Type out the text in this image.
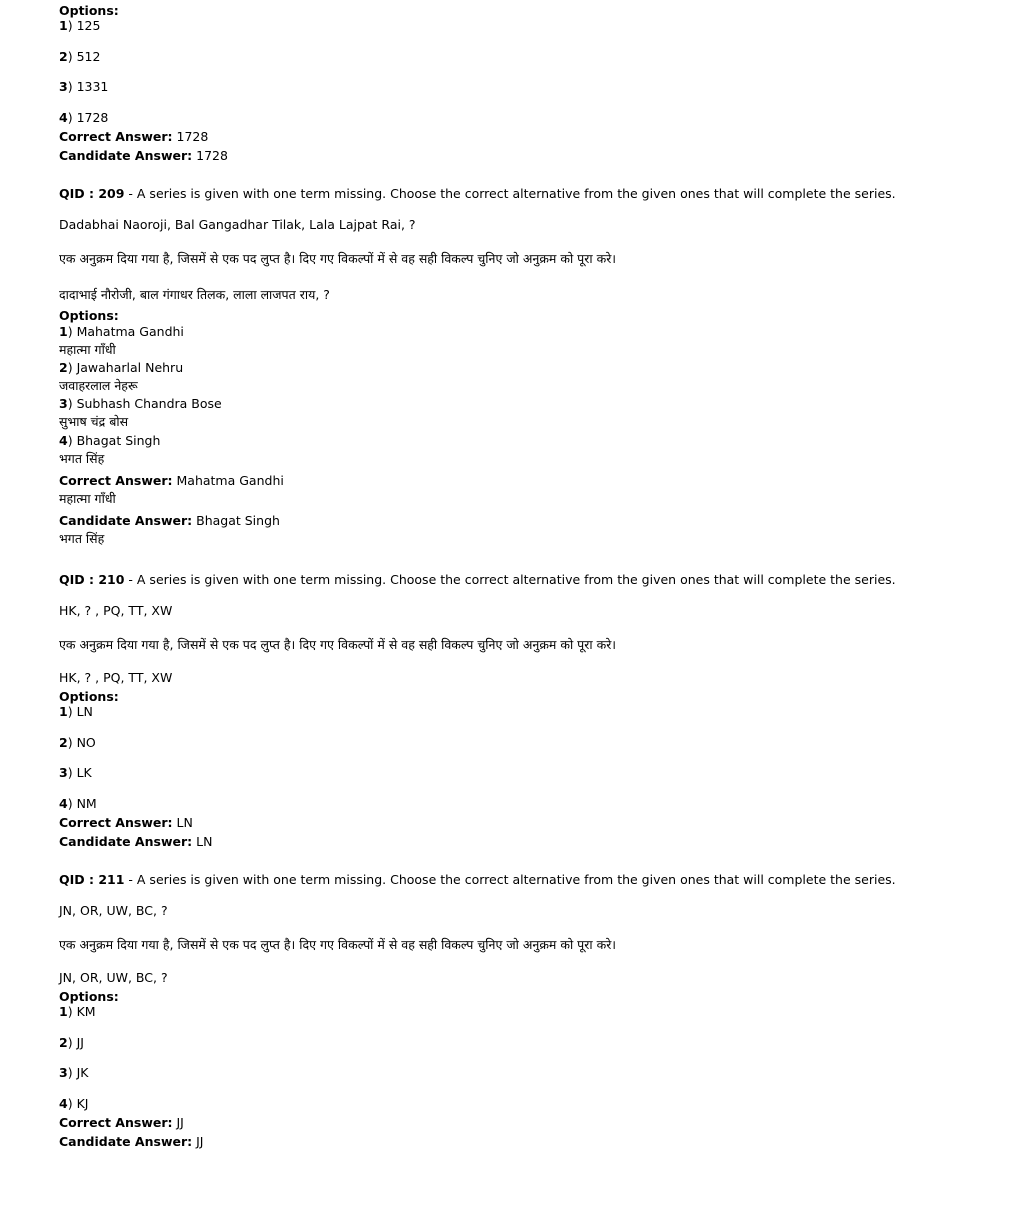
Options:
1) 125
2) 512
3) 1331
4) 1728
Correct Answer: 1728
Candidate Answer: 1728
QID : 209 - A series is given with one term missing. Choose the correct alternative from the given ones that will complete the series.
Dadabhai Naoroji, Bal Gangadhar Tilak, Lala Lajpat Rai, ?
एक अनुक्रम दिया गया है, जिसमें से एक पद लुप्त है। दिए गए विकल्पों में से वह सही विकल्प चुनिए जो अनुक्रम को पूरा करे।
दादाभाई नौरोजी, बाल गंगाधर तिलक, लाला लाजपत राय, ?
Options:
1) Mahatma Gandhi
महात्मा गाँधी
2) Jawaharlal Nehru
जवाहरलाल नेहरू
3) Subhash Chandra Bose
सुभाष चंद्र बोस
4) Bhagat Singh
भगत सिंह
Correct Answer: Mahatma Gandhi
महात्मा गाँधी
Candidate Answer: Bhagat Singh
भगत सिंह
QID : 210 - A series is given with one term missing. Choose the correct alternative from the given ones that will complete the series.
HK, ? , PQ, TT, XW
एक अनुक्रम दिया गया है, जिसमें से एक पद लुप्त है। दिए गए विकल्पों में से वह सही विकल्प चुनिए जो अनुक्रम को पूरा करे।
HK, ? , PQ, TT, XW
Options:
1) LN
2) NO
3) LK
4) NM
Correct Answer: LN
Candidate Answer: LN
QID : 211 - A series is given with one term missing. Choose the correct alternative from the given ones that will complete the series.
JN, OR, UW, BC, ?
एक अनुक्रम दिया गया है, जिसमें से एक पद लुप्त है। दिए गए विकल्पों में से वह सही विकल्प चुनिए जो अनुक्रम को पूरा करे।
JN, OR, UW, BC, ?
Options:
1) KM
2) JJ
3) JK
4) KJ
Correct Answer: JJ
Candidate Answer: JJ
